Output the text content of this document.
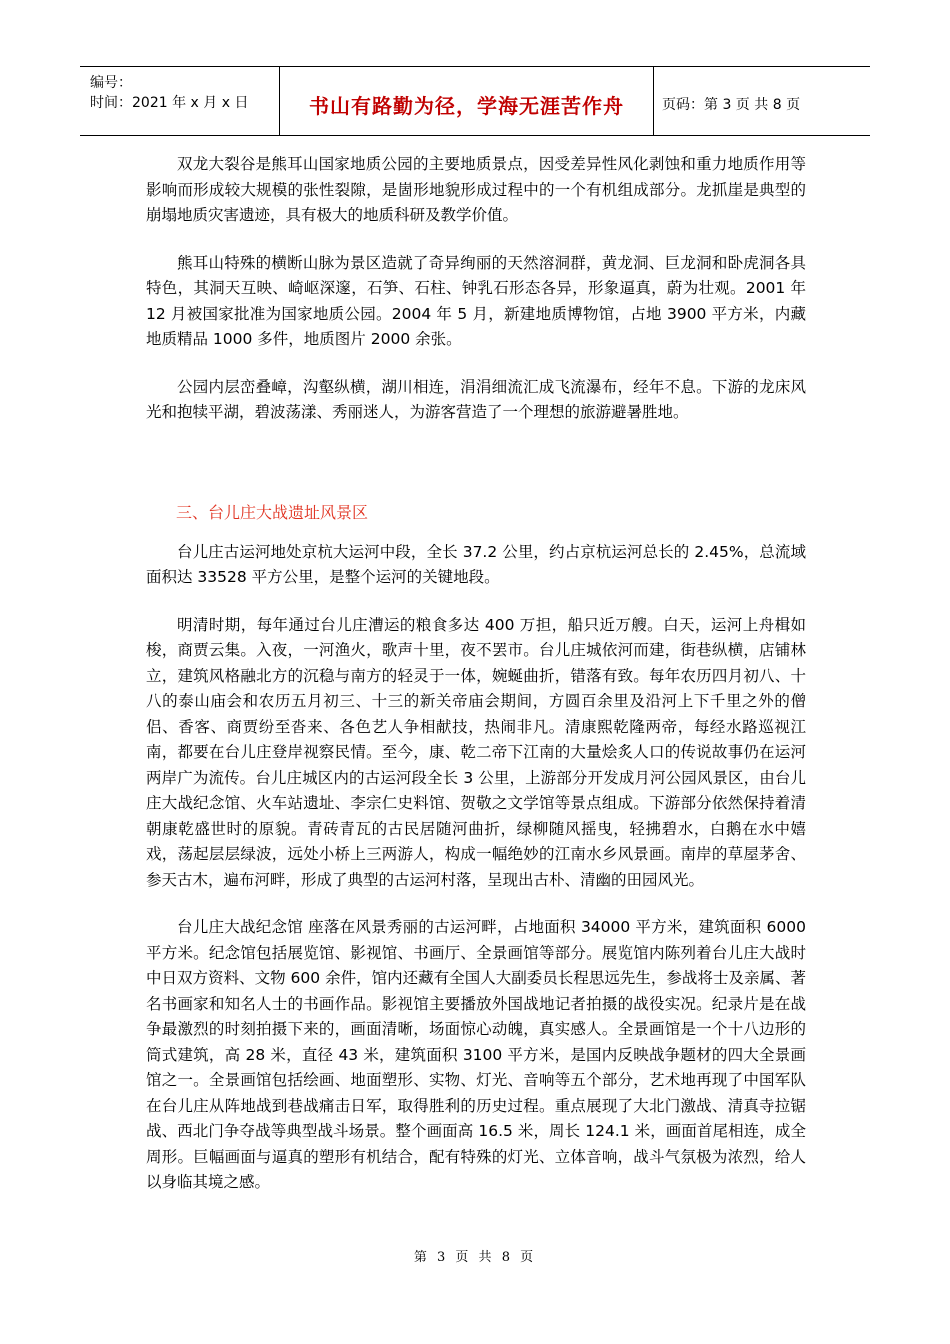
编号：
时间：2021 年 x 月 x 日	书山有路勤为径，学海无涯苦作舟	页码：第 3 页 共 8 页

双龙大裂谷是熊耳山国家地质公园的主要地质景点，因受差异性风化剥蚀和重力地质作用等影响而形成较大规模的张性裂隙，是崮形地貌形成过程中的一个有机组成部分。龙抓崖是典型的崩塌地质灾害遗迹，具有极大的地质科研及教学价值。

熊耳山特殊的横断山脉为景区造就了奇异绚丽的天然溶洞群，黄龙洞、巨龙洞和卧虎洞各具特色，其洞天互映、崎岖深邃，石笋、石柱、钟乳石形态各异，形象逼真，蔚为壮观。2001 年 12 月被国家批准为国家地质公园。2004 年 5 月，新建地质博物馆，占地 3900 平方米，内藏地质精品 1000 多件，地质图片 2000 余张。

公园内层峦叠嶂，沟壑纵横，湖川相连，涓涓细流汇成飞流瀑布，经年不息。下游的龙床风光和抱犊平湖，碧波荡漾、秀丽迷人，为游客营造了一个理想的旅游避暑胜地。

三、台儿庄大战遗址风景区

台儿庄古运河地处京杭大运河中段，全长 37.2 公里，约占京杭运河总长的 2.45%，总流域面积达 33528 平方公里，是整个运河的关键地段。

明清时期，每年通过台儿庄漕运的粮食多达 400 万担，船只近万艘。白天，运河上舟楫如梭，商贾云集。入夜，一河渔火，歌声十里，夜不罢市。台儿庄城依河而建，街巷纵横，店铺林立，建筑风格融北方的沉稳与南方的轻灵于一体，婉蜒曲折，错落有致。每年农历四月初八、十八的泰山庙会和农历五月初三、十三的新关帝庙会期间，方圆百余里及沿河上下千里之外的僧侣、香客、商贾纷至沓来、各色艺人争相献技，热闹非凡。清康熙乾隆两帝，每经水路巡视江南，都要在台儿庄登岸视察民情。至今，康、乾二帝下江南的大量烩炙人口的传说故事仍在运河两岸广为流传。台儿庄城区内的古运河段全长 3 公里，上游部分开发成月河公园风景区，由台儿庄大战纪念馆、火车站遗址、李宗仁史料馆、贺敬之文学馆等景点组成。下游部分依然保持着清朝康乾盛世时的原貌。青砖青瓦的古民居随河曲折，绿柳随风摇曳，轻拂碧水，白鹅在水中嬉戏，荡起层层绿波，远处小桥上三两游人，构成一幅绝妙的江南水乡风景画。南岸的草屋茅舍、参天古木，遍布河畔，形成了典型的古运河村落，呈现出古朴、清幽的田园风光。

台儿庄大战纪念馆 座落在风景秀丽的古运河畔，占地面积 34000 平方米，建筑面积 6000 平方米。纪念馆包括展览馆、影视馆、书画厅、全景画馆等部分。展览馆内陈列着台儿庄大战时中日双方资料、文物 600 余件，馆内还藏有全国人大副委员长程思远先生，参战将士及亲属、著名书画家和知名人士的书画作品。影视馆主要播放外国战地记者拍摄的战役实况。纪录片是在战争最激烈的时刻拍摄下来的，画面清晰，场面惊心动魄，真实感人。全景画馆是一个十八边形的筒式建筑，高 28 米，直径 43 米，建筑面积 3100 平方米，是国内反映战争题材的四大全景画馆之一。全景画馆包括绘画、地面塑形、实物、灯光、音响等五个部分，艺术地再现了中国军队在台儿庄从阵地战到巷战痛击日军，取得胜利的历史过程。重点展现了大北门激战、清真寺拉锯战、西北门争夺战等典型战斗场景。整个画面高 16.5 米，周长 124.1 米，画面首尾相连，成全周形。巨幅画面与逼真的塑形有机结合，配有特殊的灯光、立体音响，战斗气氛极为浓烈，给人以身临其境之感。

第 3 页 共 8 页
